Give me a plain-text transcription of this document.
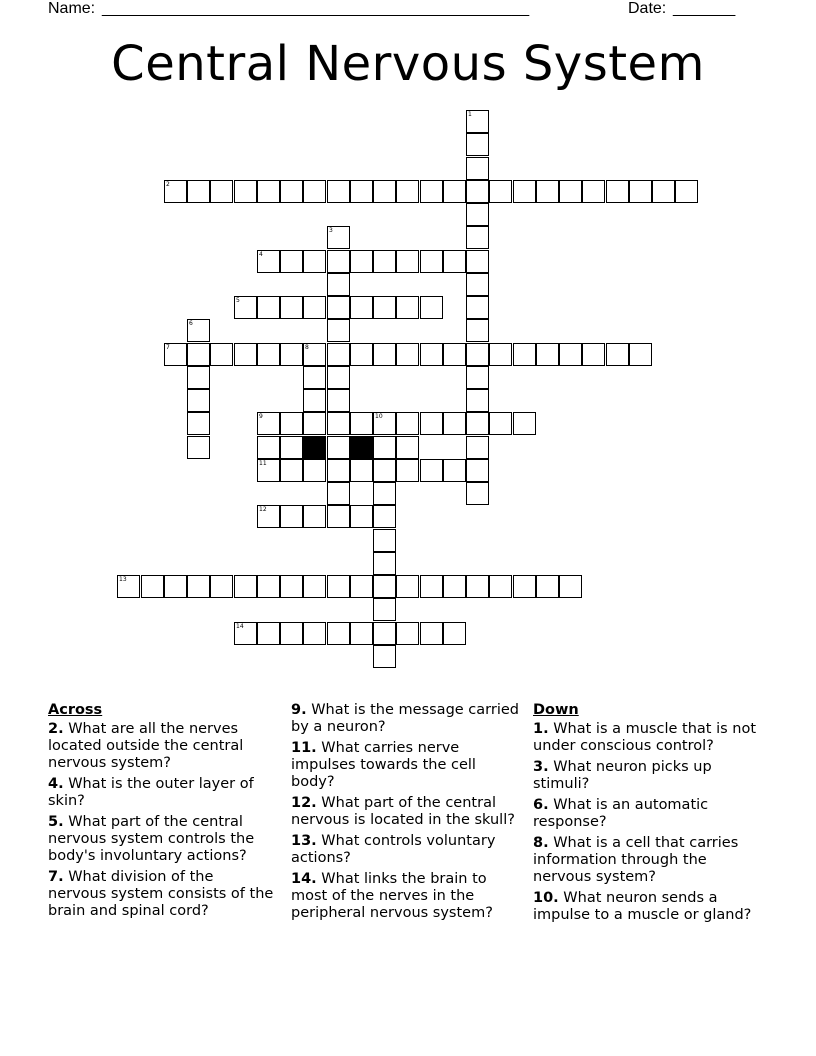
Name: ________________________________________________	Date: _______
Central Nervous System
1
2
3
4
5
6
7	8
9	10
11
12
13
14
Across
2. What are all the nerves located outside the central nervous system?
4. What is the outer layer of skin?
5. What part of the central nervous system controls the body's involuntary actions?
7. What division of the nervous system consists of the brain and spinal cord?
9. What is the message carried by a neuron?
11. What carries nerve impulses towards the cell body?
12. What part of the central nervous is located in the skull?
13. What controls voluntary actions?
14. What links the brain to most of the nerves in the peripheral nervous system?
Down
1. What is a muscle that is not under conscious control?
3. What neuron picks up stimuli?
6. What is an automatic response?
8. What is a cell that carries information through the nervous system?
10. What neuron sends a impulse to a muscle or gland?
